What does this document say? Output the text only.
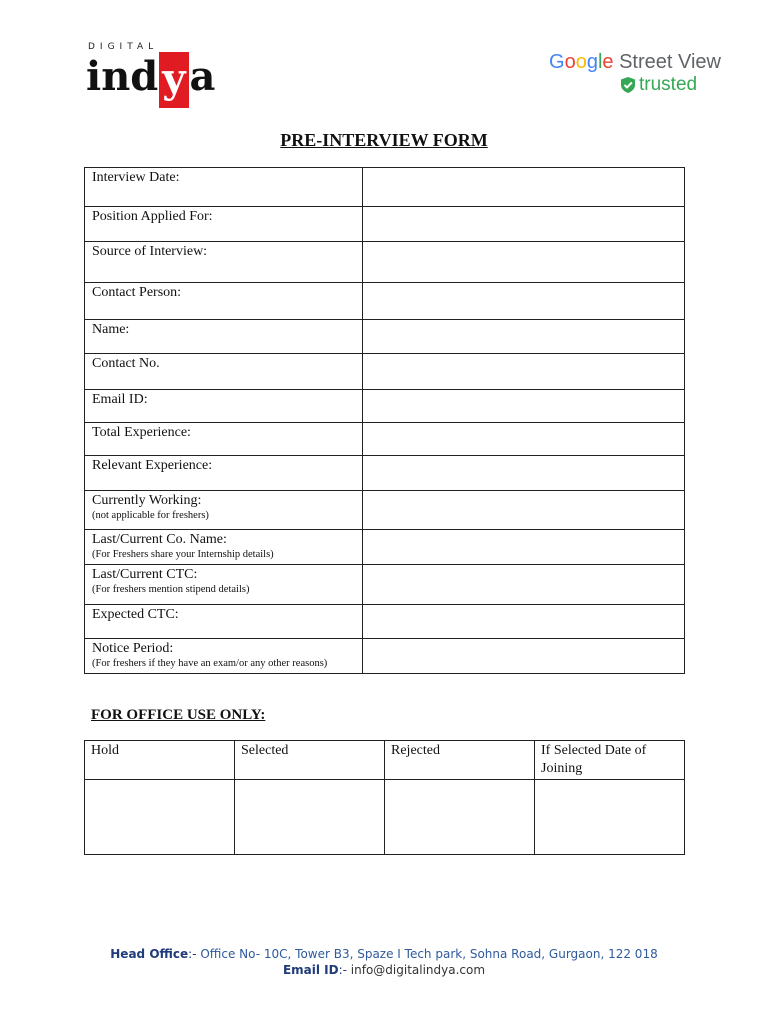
DIGITAL
ind y a	Google Street View
trusted
PRE-INTERVIEW FORM
Interview Date:	
Position Applied For:	
Source of Interview:	
Contact Person:	
Name:	
Contact No.	
Email ID:	
Total Experience:	
Relevant Experience:	
Currently Working:
(not applicable for freshers)	

Last/Current Co. Name:
(For Freshers share your Internship details)	

Last/Current CTC:
(For freshers mention stipend details)	

Expected CTC:	
Notice Period:
(For freshers if they have an exam/or any other reasons)	

FOR OFFICE USE ONLY:
Hold	Selected	Rejected	If Selected Date of Joining

Head Office:- Office No- 10C, Tower B3, Spaze I Tech park, Sohna Road, Gurgaon, 122 018
Email ID:- info@digitalindya.com
